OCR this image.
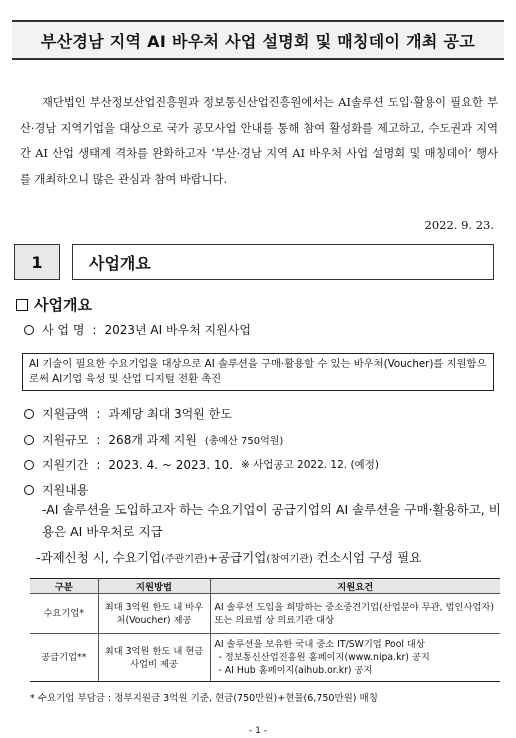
부산경남 지역 AI 바우처 사업 설명회 및 매칭데이 개최 공고

재단법인 부산정보산업진흥원과 정보통신산업진흥원에서는 AI솔루션 도입·활용이 필요한 부산·경남 지역기업을 대상으로 국가 공모사업 안내를 통해 참여 활성화를 제고하고, 수도권과 지역 간 AI 산업 생태계 격차를 완화하고자 ‘부산·경남 지역 AI 바우처 사업 설명회 및 매칭데이’ 행사를 개최하오니 많은 관심과 참여 바랍니다.

2022. 9. 23.
1	사업개요
사업개요
사 업 명 : 2023년 AI 바우처 지원사업
AI 기술이 필요한 수요기업을 대상으로 AI 솔루션을 구매·활용할 수 있는 바우처(Voucher)를 지원함으로써 AI기업 육성 및 산업 디지털 전환 촉진
지원금액 : 과제당 최대 3억원 한도
지원규모 : 268개 과제 지원 (총예산 750억원)
지원기간 : 2023. 4. ~ 2023. 10. ※ 사업공고 2022. 12. (예정)
지원내용
-AI 솔루션을 도입하고자 하는 수요기업이 공급기업의 AI 솔루션을 구매·활용하고, 비용은 AI 바우처로 지급
-과제신청 시, 수요기업(주관기관)+공급기업(참여기관) 컨소시엄 구성 필요
구분	지원방법	지원요건
수요기업*	최대 3억원 한도 내 바우처(Voucher) 제공	AI 솔루션 도입을 희망하는 중소중견기업(산업분야 무관, 법인사업자) 또는 의료법 상 의료기관 대상
공급기업**	최대 3억원 한도 내 현금 사업비 제공	AI 솔루션을 보유한 국내 중소 IT/SW기업 Pool 대상
- 정보통신산업진흥원 홈페이지(www.nipa.kr) 공지
- AI Hub 홈페이지(aihub.or.kr) 공지
* 수요기업 부담금 : 정부지원금 3억원 기준, 현금(750만원)+현물(6,750만원) 매칭
- 1 -
